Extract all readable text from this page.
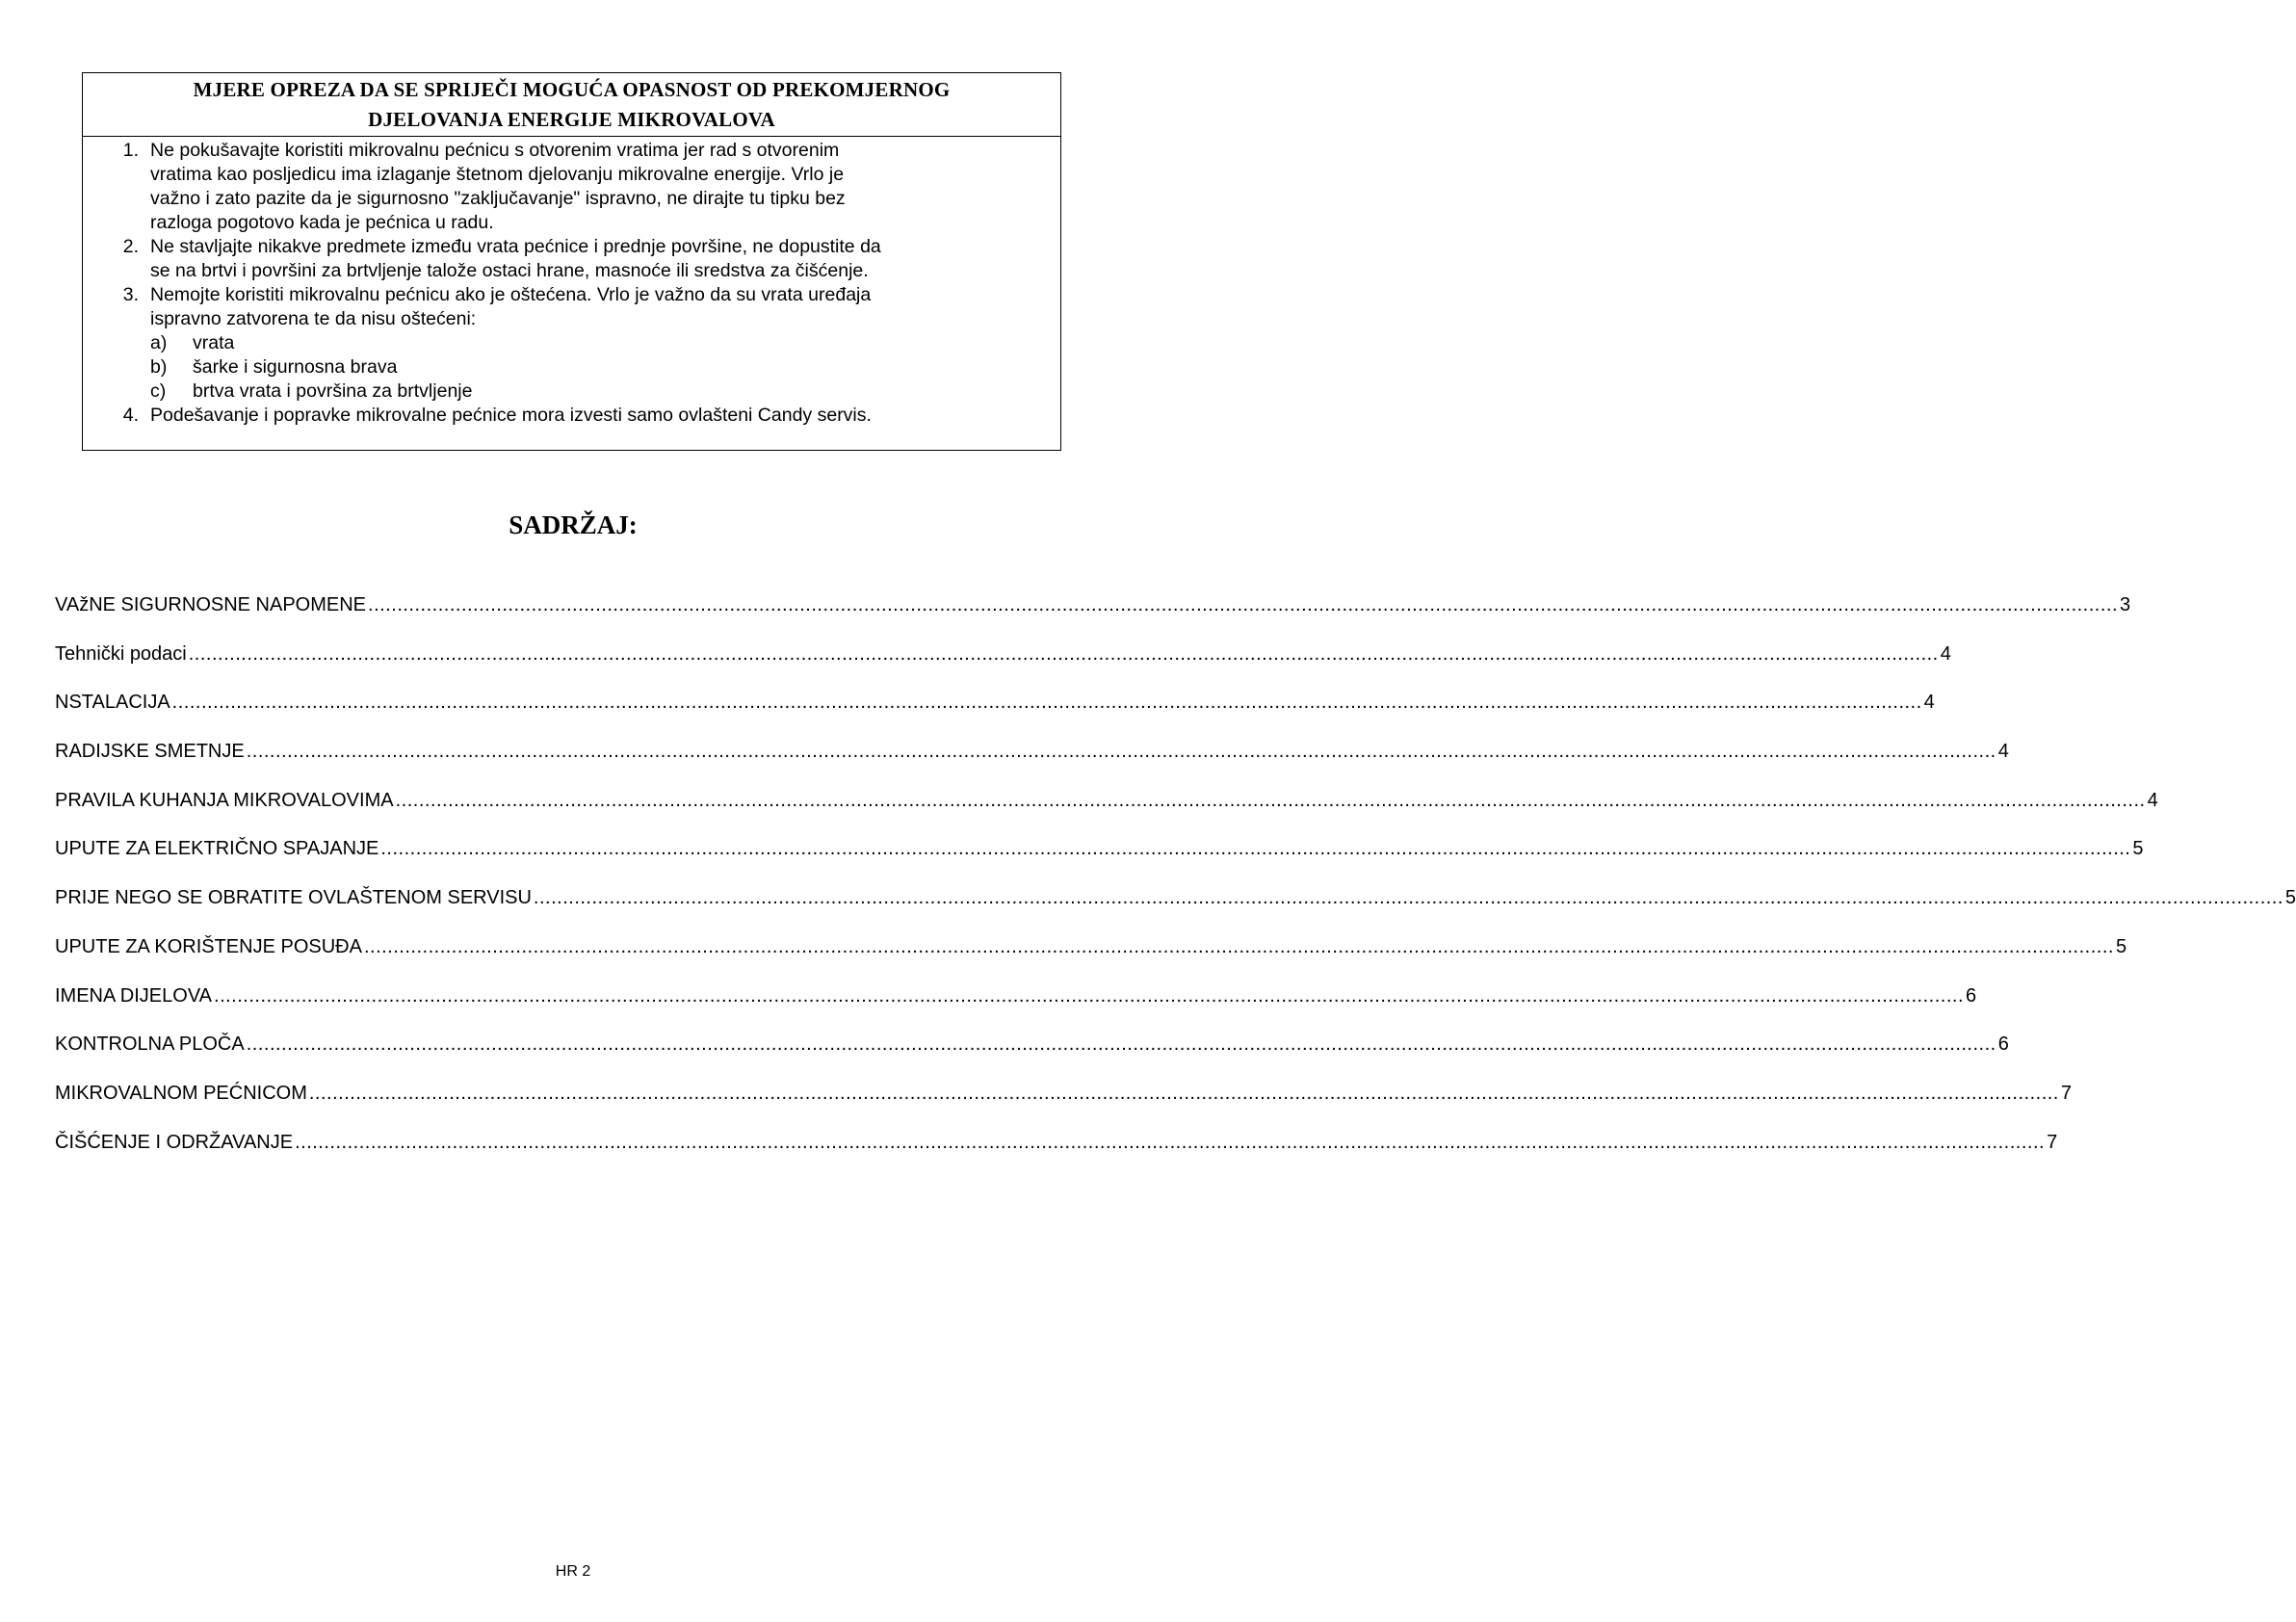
MJERE OPREZA DA SE SPRIJEČI MOGUĆA OPASNOST OD PREKOMJERNOG
DJELOVANJA ENERGIJE MIKROVALOVA
1. Ne pokušavajte koristiti mikrovalnu pećnicu s otvorenim vratima jer rad s otvorenim
vratima kao posljedicu ima izlaganje štetnom djelovanju mikrovalne energije. Vrlo je
važno i zato pazite da je sigurnosno "zaključavanje" ispravno, ne dirajte tu tipku bez
razloga pogotovo kada je pećnica u radu.
2. Ne stavljajte nikakve predmete između vrata pećnice i prednje površine, ne dopustite da
se na brtvi i površini za brtvljenje talože ostaci hrane, masnoće ili sredstva za čišćenje.
3. Nemojte koristiti mikrovalnu pećnicu ako je oštećena. Vrlo je važno da su vrata uređaja
ispravno zatvorena te da nisu oštećeni:
a)	vrata
b)	šarke i sigurnosna brava
c)	brtva vrata i površina za brtvljenje
4. Podešavanje i popravke mikrovalne pećnice mora izvesti samo ovlašteni Candy servis.
SADRŽAJ:
VAžNE SIGURNOSNE NAPOMENE ............................................................................................................................................................................................................................................................................................................ 3
Tehnički podaci ............................................................................................................................................................................................................................................................................................................ 4
NSTALACIJA ............................................................................................................................................................................................................................................................................................................ 4
RADIJSKE SMETNJE ............................................................................................................................................................................................................................................................................................................ 4
PRAVILA KUHANJA MIKROVALOVIMA ............................................................................................................................................................................................................................................................................................................ 4
UPUTE ZA ELEKTRIČNO SPAJANJE ............................................................................................................................................................................................................................................................................................................ 5
PRIJE NEGO SE OBRATITE OVLAŠTENOM SERVISU ............................................................................................................................................................................................................................................................................................................ 5
UPUTE ZA KORIŠTENJE POSUĐA ............................................................................................................................................................................................................................................................................................................ 5
IMENA DIJELOVA ............................................................................................................................................................................................................................................................................................................ 6
KONTROLNA PLOČA ............................................................................................................................................................................................................................................................................................................ 6
MIKROVALNOM PEĆNICOM ............................................................................................................................................................................................................................................................................................................ 7
ČIŠĆENJE I ODRŽAVANJE ............................................................................................................................................................................................................................................................................................................ 7
HR 2
